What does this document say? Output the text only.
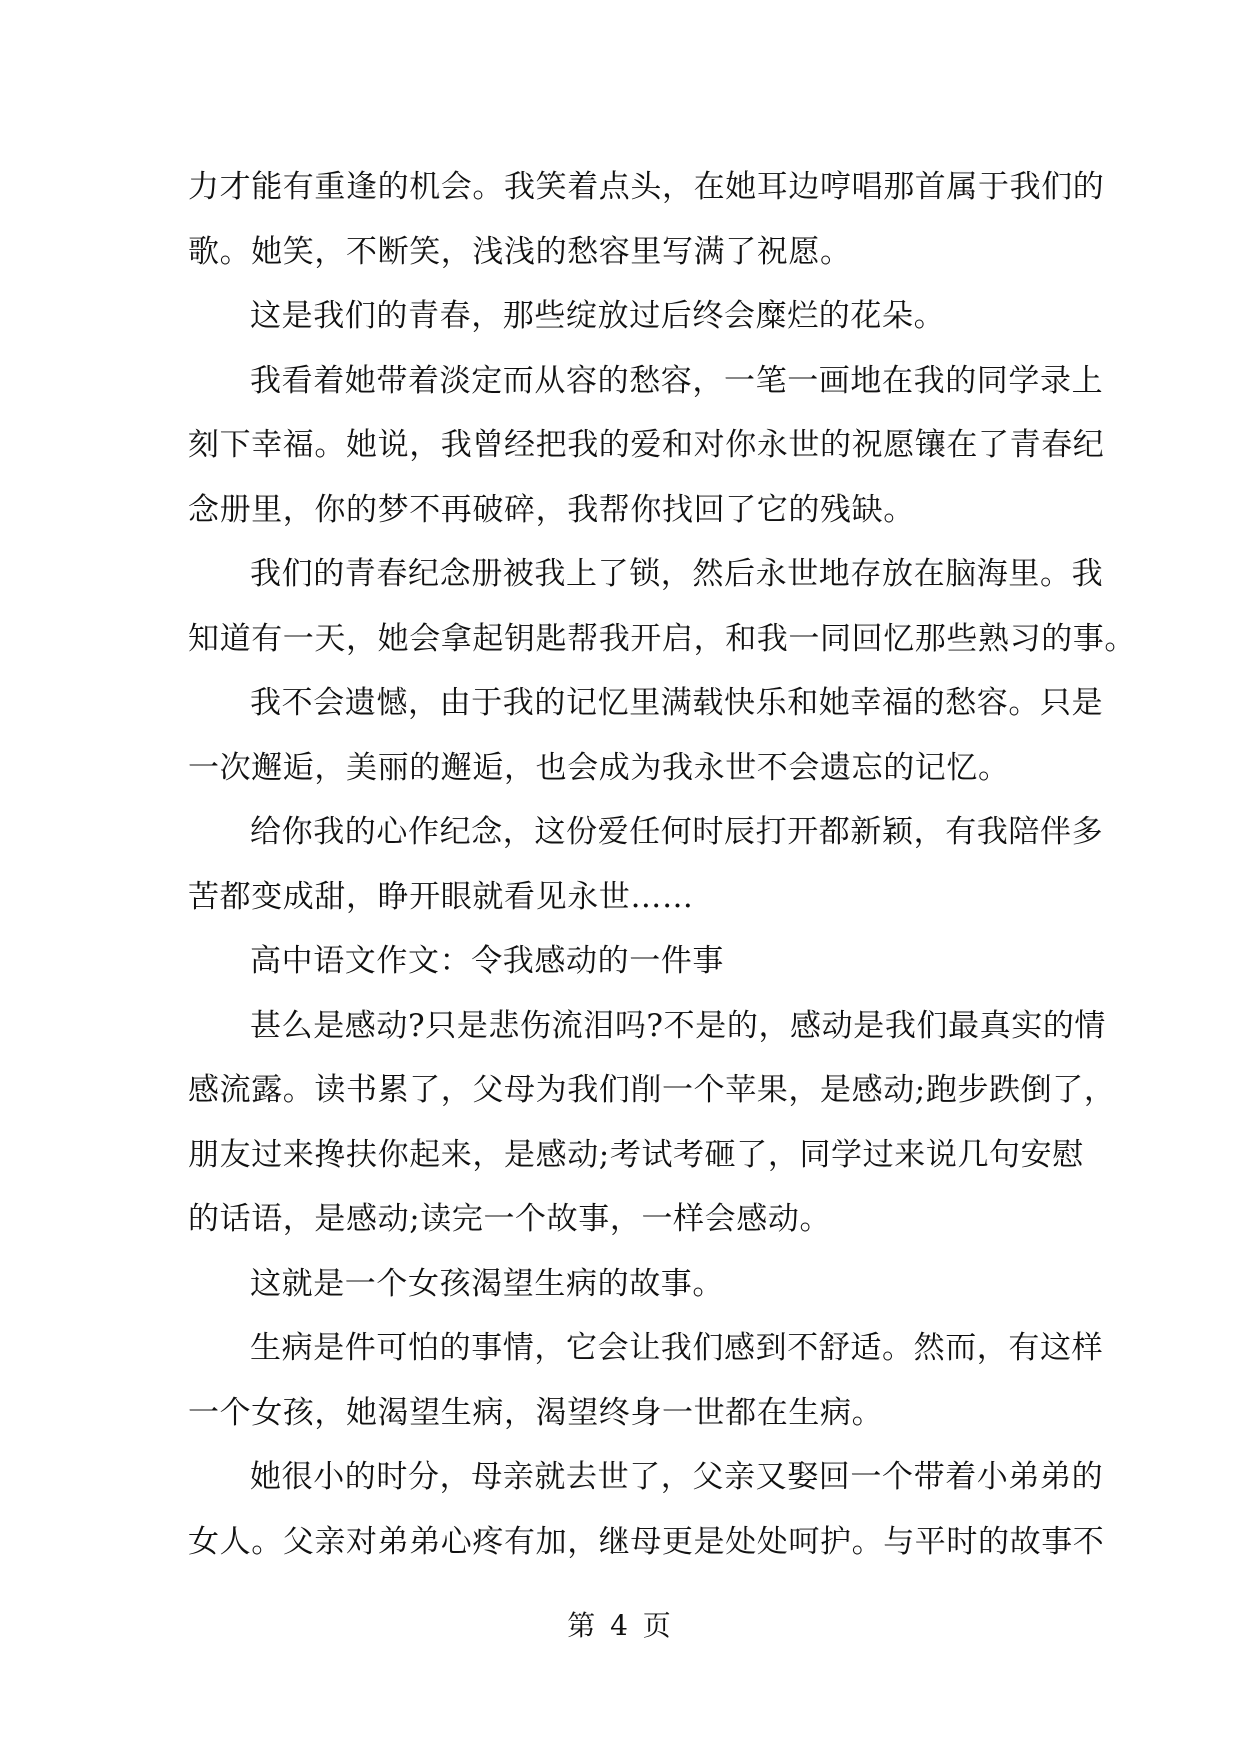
力才能有重逢的机会。我笑着点头，在她耳边哼唱那首属于我们的
歌。她笑，不断笑，浅浅的愁容里写满了祝愿。
这是我们的青春，那些绽放过后终会糜烂的花朵。
我看着她带着淡定而从容的愁容，一笔一画地在我的同学录上
刻下幸福。她说，我曾经把我的爱和对你永世的祝愿镶在了青春纪
念册里，你的梦不再破碎，我帮你找回了它的残缺。
我们的青春纪念册被我上了锁，然后永世地存放在脑海里。我
知道有一天，她会拿起钥匙帮我开启，和我一同回忆那些熟习的事。
我不会遗憾，由于我的记忆里满载快乐和她幸福的愁容。只是
一次邂逅，美丽的邂逅，也会成为我永世不会遗忘的记忆。
给你我的心作纪念，这份爱任何时辰打开都新颖，有我陪伴多
苦都变成甜，睁开眼就看见永世……
高中语文作文：令我感动的一件事
甚么是感动?只是悲伤流泪吗?不是的，感动是我们最真实的情
感流露。读书累了，父母为我们削一个苹果，是感动;跑步跌倒了，
朋友过来搀扶你起来，是感动;考试考砸了，同学过来说几句安慰
的话语，是感动;读完一个故事，一样会感动。
这就是一个女孩渴望生病的故事。
生病是件可怕的事情，它会让我们感到不舒适。然而，有这样
一个女孩，她渴望生病，渴望终身一世都在生病。
她很小的时分，母亲就去世了，父亲又娶回一个带着小弟弟的
女人。父亲对弟弟心疼有加，继母更是处处呵护。与平时的故事不
第 4 页
